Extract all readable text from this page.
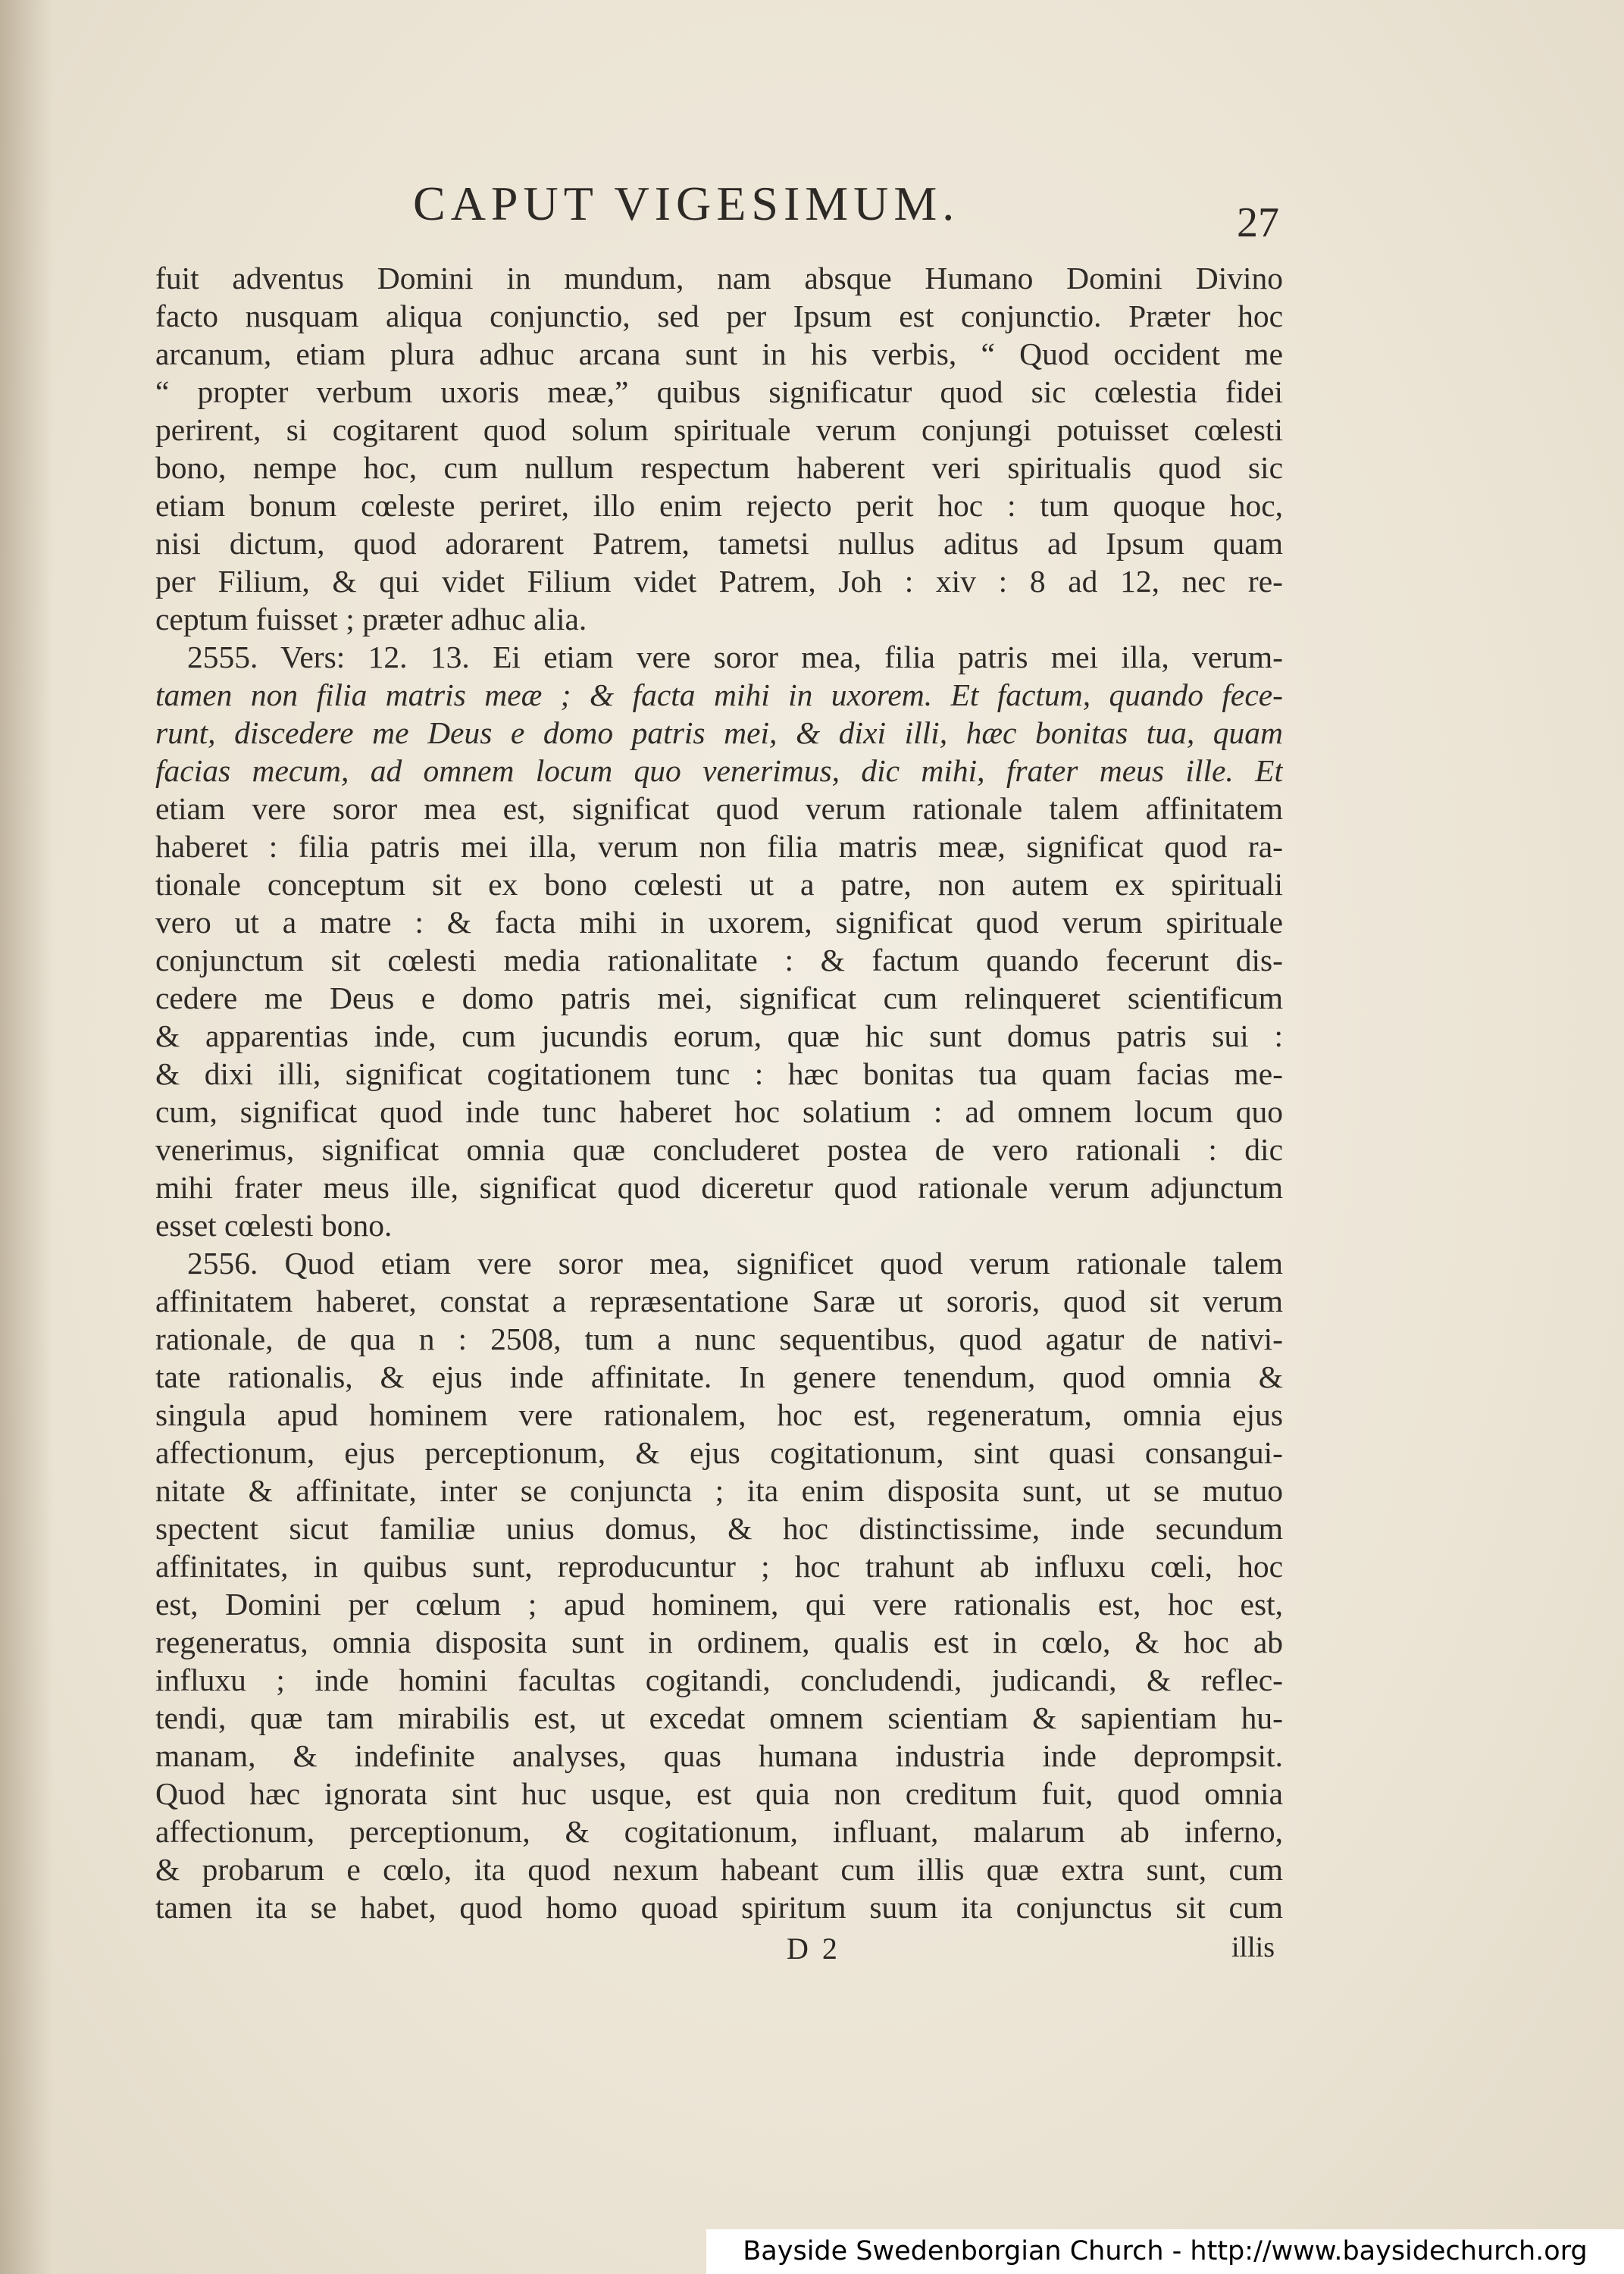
CAPUT VIGESIMUM.	27
fuit adventus Domini in mundum, nam absque Humano Domini Divino
facto nusquam aliqua conjunctio, sed per Ipsum est conjunctio. Præter hoc
arcanum, etiam plura adhuc arcana sunt in his verbis, “ Quod occident me
“ propter verbum uxoris meæ,” quibus significatur quod sic cœlestia fidei
perirent, si cogitarent quod solum spirituale verum conjungi potuisset cœlesti
bono, nempe hoc, cum nullum respectum haberent veri spiritualis quod sic
etiam bonum cœleste periret, illo enim rejecto perit hoc : tum quoque hoc,
nisi dictum, quod adorarent Patrem, tametsi nullus aditus ad Ipsum quam
per Filium, & qui videt Filium videt Patrem, Joh : xiv : 8 ad 12, nec re-
ceptum fuisset ; præter adhuc alia.
2555. Vers: 12. 13. Ei etiam vere soror mea, filia patris mei illa, verum-
tamen non filia matris meæ ; & facta mihi in uxorem. Et factum, quando fece-
runt, discedere me Deus e domo patris mei, & dixi illi, hæc bonitas tua, quam
facias mecum, ad omnem locum quo venerimus, dic mihi, frater meus ille. Et
etiam vere soror mea est, significat quod verum rationale talem affinitatem
haberet : filia patris mei illa, verum non filia matris meæ, significat quod ra-
tionale conceptum sit ex bono cœlesti ut a patre, non autem ex spirituali
vero ut a matre : & facta mihi in uxorem, significat quod verum spirituale
conjunctum sit cœlesti media rationalitate : & factum quando fecerunt dis-
cedere me Deus e domo patris mei, significat cum relinqueret scientificum
& apparentias inde, cum jucundis eorum, quæ hic sunt domus patris sui :
& dixi illi, significat cogitationem tunc : hæc bonitas tua quam facias me-
cum, significat quod inde tunc haberet hoc solatium : ad omnem locum quo
venerimus, significat omnia quæ concluderet postea de vero rationali : dic
mihi frater meus ille, significat quod diceretur quod rationale verum adjunctum
esset cœlesti bono.
2556. Quod etiam vere soror mea, significet quod verum rationale talem
affinitatem haberet, constat a repræsentatione Saræ ut sororis, quod sit verum
rationale, de qua n : 2508, tum a nunc sequentibus, quod agatur de nativi-
tate rationalis, & ejus inde affinitate. In genere tenendum, quod omnia &
singula apud hominem vere rationalem, hoc est, regeneratum, omnia ejus
affectionum, ejus perceptionum, & ejus cogitationum, sint quasi consangui-
nitate & affinitate, inter se conjuncta ; ita enim disposita sunt, ut se mutuo
spectent sicut familiæ unius domus, & hoc distinctissime, inde secundum
affinitates, in quibus sunt, reproducuntur ; hoc trahunt ab influxu cœli, hoc
est, Domini per cœlum ; apud hominem, qui vere rationalis est, hoc est,
regeneratus, omnia disposita sunt in ordinem, qualis est in cœlo, & hoc ab
influxu ; inde homini facultas cogitandi, concludendi, judicandi, & reflec-
tendi, quæ tam mirabilis est, ut excedat omnem scientiam & sapientiam hu-
manam, & indefinite analyses, quas humana industria inde deprompsit.
Quod hæc ignorata sint huc usque, est quia non creditum fuit, quod omnia
affectionum, perceptionum, & cogitationum, influant, malarum ab inferno,
& probarum e cœlo, ita quod nexum habeant cum illis quæ extra sunt, cum
tamen ita se habet, quod homo quoad spiritum suum ita conjunctus sit cum
D 2	illis
Bayside Swedenborgian Church - http://www.baysidechurch.org
